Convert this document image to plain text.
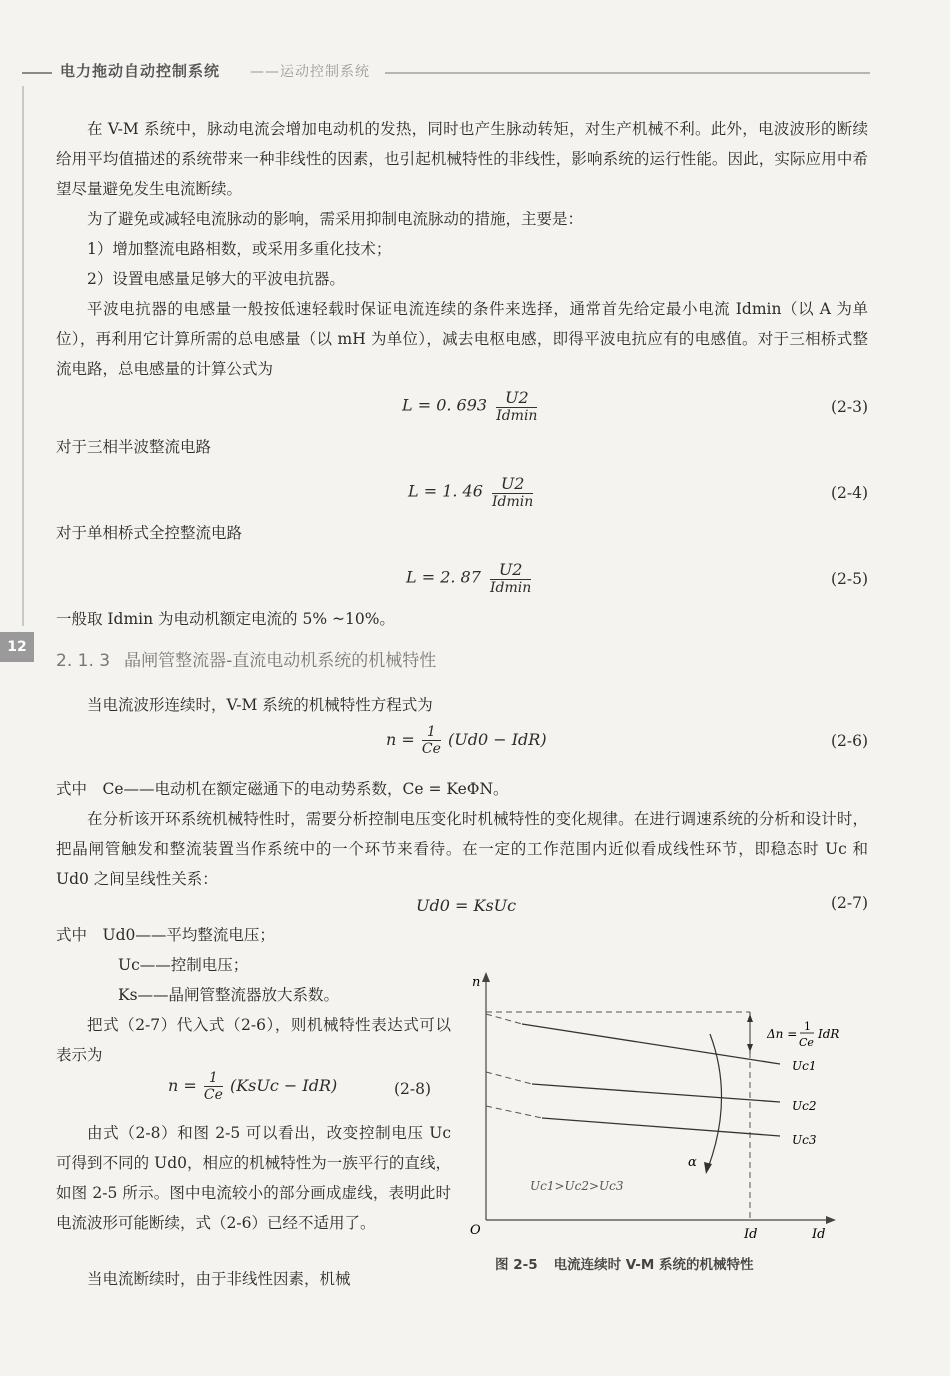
电力拖动自动控制系统 ——运动控制系统
12
在 V-M 系统中，脉动电流会增加电动机的发热，同时也产生脉动转矩，对生产机械不利。此外，电波波形的断续给用平均值描述的系统带来一种非线性的因素，也引起机械特性的非线性，影响系统的运行性能。因此，实际应用中希望尽量避免发生电流断续。
为了避免或减轻电流脉动的影响，需采用抑制电流脉动的措施，主要是：
1）增加整流电路相数，或采用多重化技术；
2）设置电感量足够大的平波电抗器。
平波电抗器的电感量一般按低速轻载时保证电流连续的条件来选择，通常首先给定最小电流 Idmin（以 A 为单位），再利用它计算所需的总电感量（以 mH 为单位），减去电枢电感，即得平波电抗应有的电感值。对于三相桥式整流电路，总电感量的计算公式为
L = 0. 693	U2
Idmin	(2-3)
对于三相半波整流电路
L = 1. 46	U2
Idmin	(2-4)
对于单相桥式全控整流电路
L = 2. 87	U2
Idmin	(2-5)
一般取 Idmin 为电动机额定电流的 5% ~10%。
2. 1. 3 晶闸管整流器-直流电动机系统的机械特性
当电流波形连续时，V-M 系统的机械特性方程式为
$n = \frac{1}{Ce} (Ud0 - IdR)$	(2-6)
式中　Ce——电动机在额定磁通下的电动势系数，Ce = KeΦN。
在分析该开环系统机械特性时，需要分析控制电压变化时机械特性的变化规律。在进行调速系统的分析和设计时，把晶闸管触发和整流装置当作系统中的一个环节来看待。在一定的工作范围内近似看成线性环节，即稳态时 Uc 和 Ud0 之间呈线性关系：
Ud0 = KsUc	(2-7)
式中　Ud0——平均整流电压；
Uc——控制电压；
Ks——晶闸管整流器放大系数。
把式（2-7）代入式（2-6），则机械特性表达式可以表示为
$n = \frac{1}{Ce}$ (KsUc − IdR)	(2-8)
由式（2-8）和图 2-5 可以看出，改变控制电压 Uc 可得到不同的 Ud0，相应的机械特性为一族平行的直线，如图 2-5 所示。图中电流较小的部分画成虚线，表明此时电流波形可能断续，式（2-6）已经不适用了。
当电流断续时，由于非线性因素，机械
n
Id
O	Id
Δn =
1
Ce
IdR
Uc1
Uc2
Uc3
α
Uc1>Uc2>Uc3
图 2-5 电流连续时 V-M 系统的机械特性
